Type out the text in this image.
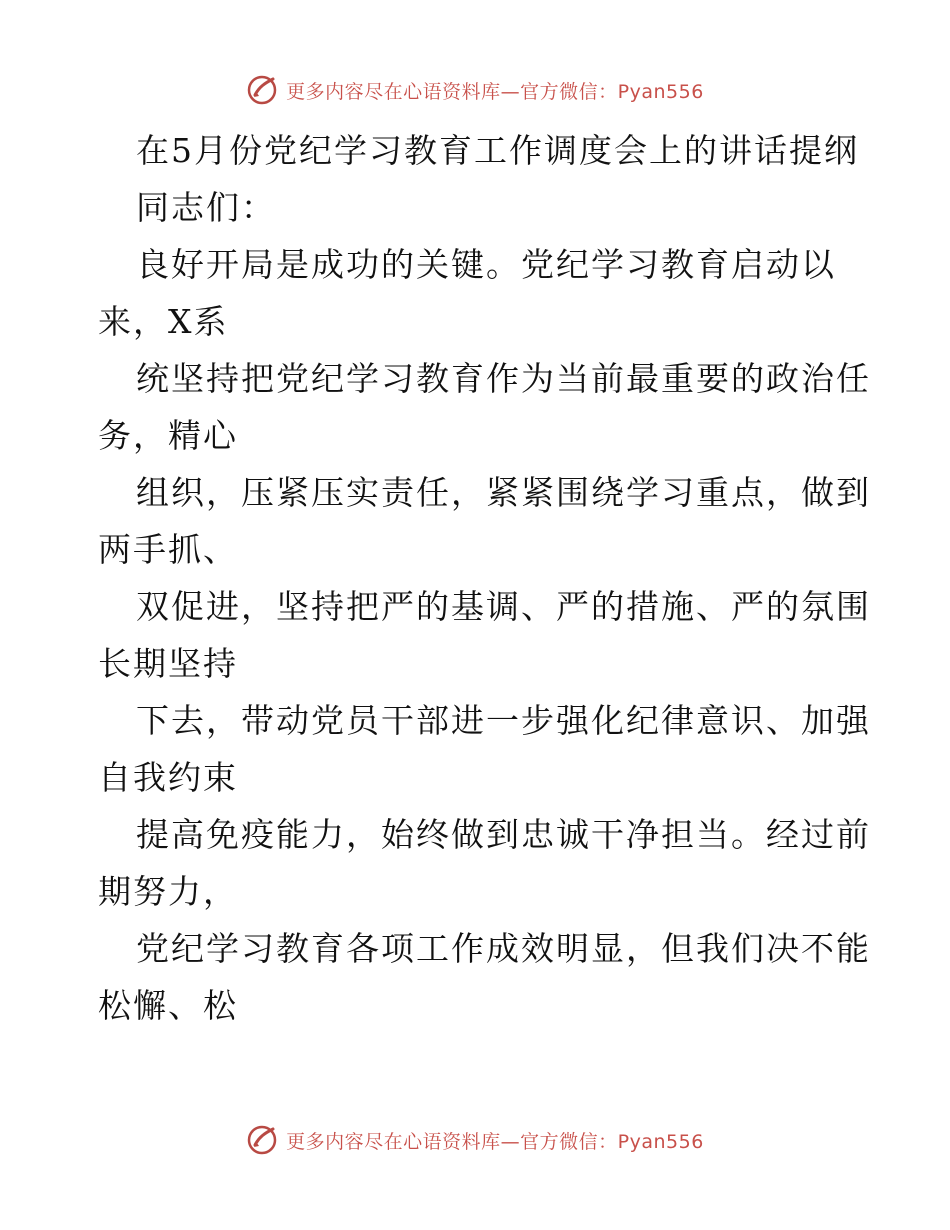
更多内容尽在心语资料库—官方微信：Pyan556
在5月份党纪学习教育工作调度会上的讲话提纲
同志们：
良好开局是成功的关键。党纪学习教育启动以
来，X系
统坚持把党纪学习教育作为当前最重要的政治任
务，精心
组织，压紧压实责任，紧紧围绕学习重点，做到
两手抓、
双促进，坚持把严的基调、严的措施、严的氛围
长期坚持
下去，带动党员干部进一步强化纪律意识、加强
自我约束
提高免疫能力，始终做到忠诚干净担当。经过前
期努力，
党纪学习教育各项工作成效明显，但我们决不能
松懈、松
更多内容尽在心语资料库—官方微信：Pyan556
